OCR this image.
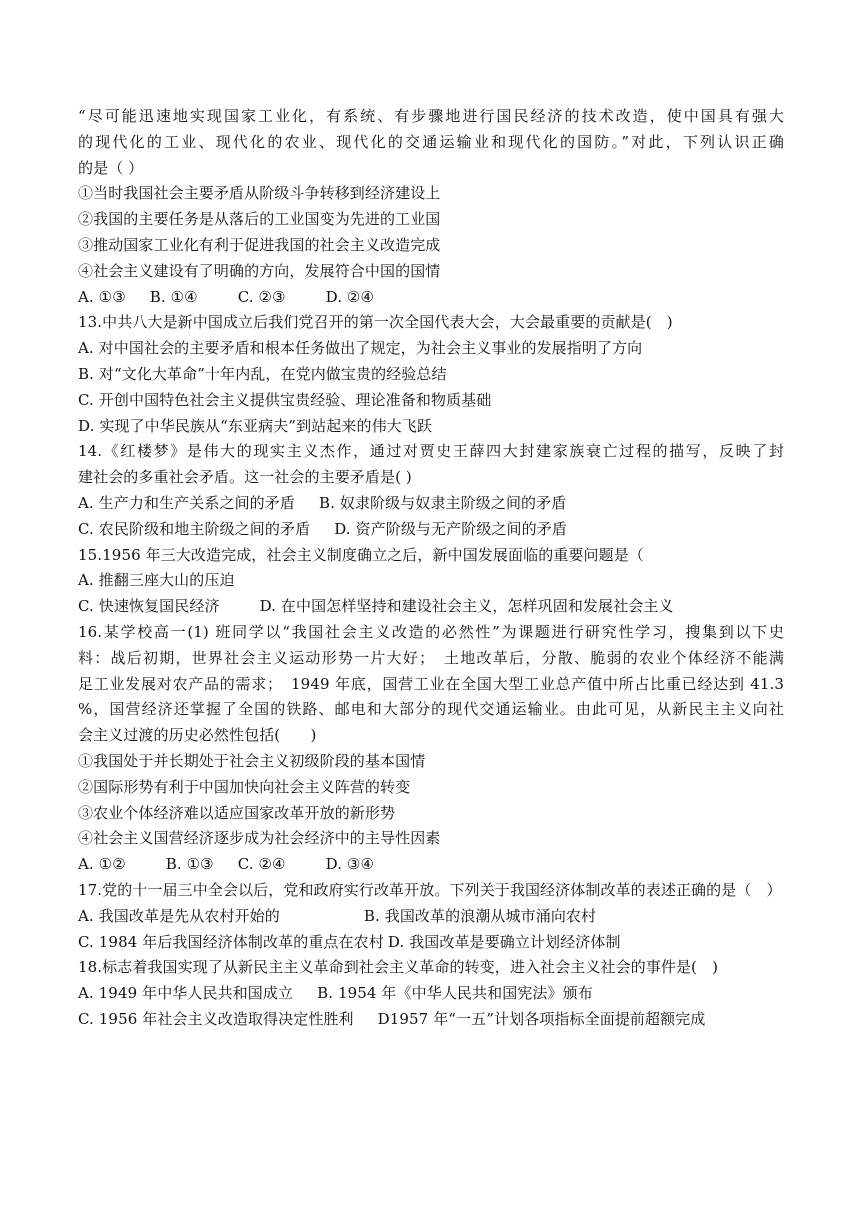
“尽可能迅速地实现国家工业化，有系统、有步骤地进行国民经济的技术改造，使中国具有强大
的现代化的工业、现代化的农业、现代化的交通运输业和现代化的国防。”对此，下列认识正确
的是（ ）
①当时我国社会主要矛盾从阶级斗争转移到经济建设上
②我国的主要任务是从落后的工业国变为先进的工业国
③推动国家工业化有利于促进我国的社会主义改造完成
④社会主义建设有了明确的方向，发展符合中国的国情
A. ①③ B. ①④	C. ②③	D. ②④
13.中共八大是新中国成立后我们党召开的第一次全国代表大会，大会最重要的贡献是(　)
A. 对中国社会的主要矛盾和根本任务做出了规定，为社会主义事业的发展指明了方向
B. 对“文化大革命”十年内乱，在党内做宝贵的经验总结
C. 开创中国特色社会主义提供宝贵经验、理论准备和物质基础
D. 实现了中华民族从“东亚病夫”到站起来的伟大飞跃
14.《红楼梦》是伟大的现实主义杰作，通过对贾史王薛四大封建家族衰亡过程的描写，反映了封
建社会的多重社会矛盾。这一社会的主要矛盾是( )
A. 生产力和生产关系之间的矛盾 B. 奴隶阶级与奴隶主阶级之间的矛盾
C. 农民阶级和地主阶级之间的矛盾 D. 资产阶级与无产阶级之间的矛盾
15.1956 年三大改造完成，社会主义制度确立之后，新中国发展面临的重要问题是（
A. 推翻三座大山的压迫
C. 快速恢复国民经济	D. 在中国怎样坚持和建设社会主义，怎样巩固和发展社会主义
16.某学校高一(1) 班同学以“我国社会主义改造的必然性”为课题进行研究性学习，搜集到以下史
料：战后初期，世界社会主义运动形势一片大好；　土地改革后，分散、脆弱的农业个体经济不能满
足工业发展对农产品的需求；　1949 年底，国营工业在全国大型工业总产值中所占比重已经达到 41.3
%，国营经济还掌握了全国的铁路、邮电和大部分的现代交通运输业。由此可见，从新民主主义向社
会主义过渡的历史必然性包括(　　)
①我国处于并长期处于社会主义初级阶段的基本国情
②国际形势有利于中国加快向社会主义阵营的转变
③农业个体经济难以适应国家改革开放的新形势
④社会主义国营经济逐步成为社会经济中的主导性因素
A. ①②	B. ①③ C. ②④	D. ③④
17.党的十一届三中全会以后，党和政府实行改革开放。下列关于我国经济体制改革的表述正确的是（　）
A. 我国改革是先从农村开始的	B. 我国改革的浪潮从城市涌向农村
C. 1984 年后我国经济体制改革的重点在农村 D. 我国改革是要确立计划经济体制
18.标志着我国实现了从新民主主义革命到社会主义革命的转变，进入社会主义社会的事件是(　)
A. 1949 年中华人民共和国成立 B. 1954 年《中华人民共和国宪法》颁布
C. 1956 年社会主义改造取得决定性胜利 D1957 年“一五”计划各项指标全面提前超额完成
